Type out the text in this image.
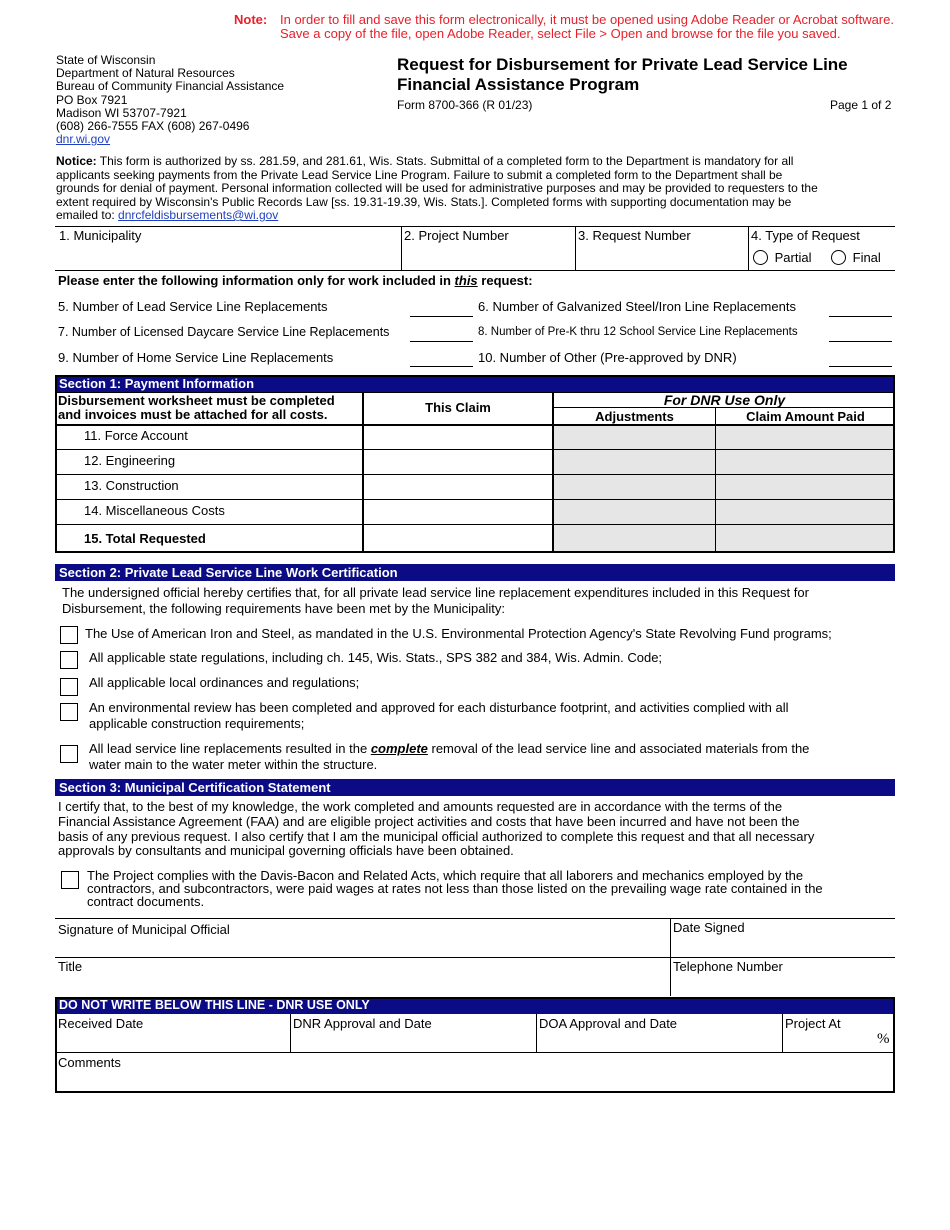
Note: In order to fill and save this form electronically, it must be opened using Adobe Reader or Acrobat software.
Save a copy of the file, open Adobe Reader, select File > Open and browse for the file you saved.
State of Wisconsin
Department of Natural Resources
Bureau of Community Financial Assistance
PO Box 7921
Madison WI 53707-7921
(608) 266-7555 FAX (608) 267-0496
dnr.wi.gov
Request for Disbursement for Private Lead Service Line
Financial Assistance Program
Form 8700-366 (R 01/23)	Page 1 of 2
Notice: This form is authorized by ss. 281.59, and 281.61, Wis. Stats. Submittal of a completed form to the Department is mandatory for all
applicants seeking payments from the Private Lead Service Line Program. Failure to submit a completed form to the Department shall be
grounds for denial of payment. Personal information collected will be used for administrative purposes and may be provided to requesters to the
extent required by Wisconsin's Public Records Law [ss. 19.31-19.39, Wis. Stats.]. Completed forms with supporting documentation may be
emailed to: dnrcfeldisbursements@wi.gov
1. Municipality	2. Project Number	3. Request Number	4. Type of Request
Partial	Final
Please enter the following information only for work included in this request:
5. Number of Lead Service Line Replacements	6. Number of Galvanized Steel/Iron Line Replacements
7. Number of Licensed Daycare Service Line Replacements	8. Number of Pre-K thru 12 School Service Line Replacements
9. Number of Home Service Line Replacements	10. Number of Other (Pre-approved by DNR)
Section 1: Payment Information
Disbursement worksheet must be completed
and invoices must be attached for all costs.	This Claim	For DNR Use Only
Adjustments	Claim Amount Paid
11. Force Account
12. Engineering
13. Construction
14. Miscellaneous Costs
15. Total Requested
Section 2: Private Lead Service Line Work Certification
The undersigned official hereby certifies that, for all private lead service line replacement expenditures included in this Request for
Disbursement, the following requirements have been met by the Municipality:
The Use of American Iron and Steel, as mandated in the U.S. Environmental Protection Agency's State Revolving Fund programs;
All applicable state regulations, including ch. 145, Wis. Stats., SPS 382 and 384, Wis. Admin. Code;
All applicable local ordinances and regulations;
An environmental review has been completed and approved for each disturbance footprint, and activities complied with all
applicable construction requirements;
All lead service line replacements resulted in the complete removal of the lead service line and associated materials from the
water main to the water meter within the structure.
Section 3: Municipal Certification Statement
I certify that, to the best of my knowledge, the work completed and amounts requested are in accordance with the terms of the
Financial Assistance Agreement (FAA) and are eligible project activities and costs that have been incurred and have not been the
basis of any previous request. I also certify that I am the municipal official authorized to complete this request and that all necessary
approvals by consultants and municipal governing officials have been obtained.
The Project complies with the Davis-Bacon and Related Acts, which require that all laborers and mechanics employed by the
contractors, and subcontractors, were paid wages at rates not less than those listed on the prevailing wage rate contained in the
contract documents.
Signature of Municipal Official	Date Signed
Title	Telephone Number
DO NOT WRITE BELOW THIS LINE - DNR USE ONLY
Received Date	DNR Approval and Date	DOA Approval and Date	Project At
%
Comments
